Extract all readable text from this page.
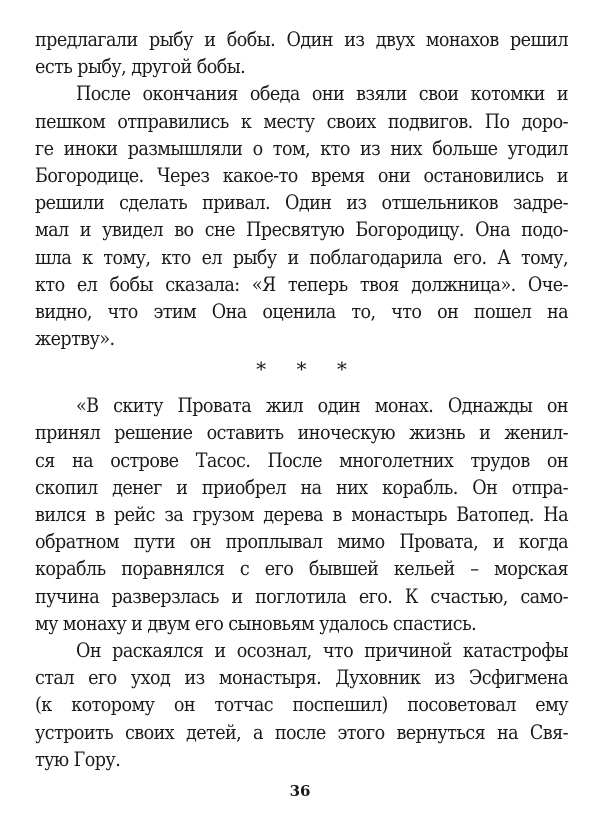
предлагали рыбу и бобы. Один из двух монахов решил
есть рыбу, другой бобы.
После окончания обеда они взяли свои котомки и
пешком отправились к месту своих подвигов. По доро-
ге иноки размышляли о том, кто из них больше угодил
Богородице. Через какое-то время они остановились и
решили сделать привал. Один из отшельников задре-
мал и увидел во сне Пресвятую Богородицу. Она подо-
шла к тому, кто ел рыбу и поблагодарила его. А тому,
кто ел бобы сказала: «Я теперь твоя должница». Оче-
видно, что этим Она оценила то, что он пошел на
жертву».
* * *
«В скиту Провата жил один монах. Однажды он
принял решение оставить иноческую жизнь и женил-
ся на острове Тасос. После многолетних трудов он
скопил денег и приобрел на них корабль. Он отпра-
вился в рейс за грузом дерева в монастырь Ватопед. На
обратном пути он проплывал мимо Провата, и когда
корабль поравнялся с его бывшей кельей – морская
пучина разверзлась и поглотила его. К счастью, само-
му монаху и двум его сыновьям удалось спастись.
Он раскаялся и осознал, что причиной катастрофы
стал его уход из монастыря. Духовник из Эсфигмена
(к которому он тотчас поспешил) посоветовал ему
устроить своих детей, а после этого вернуться на Свя-
тую Гору.
36
